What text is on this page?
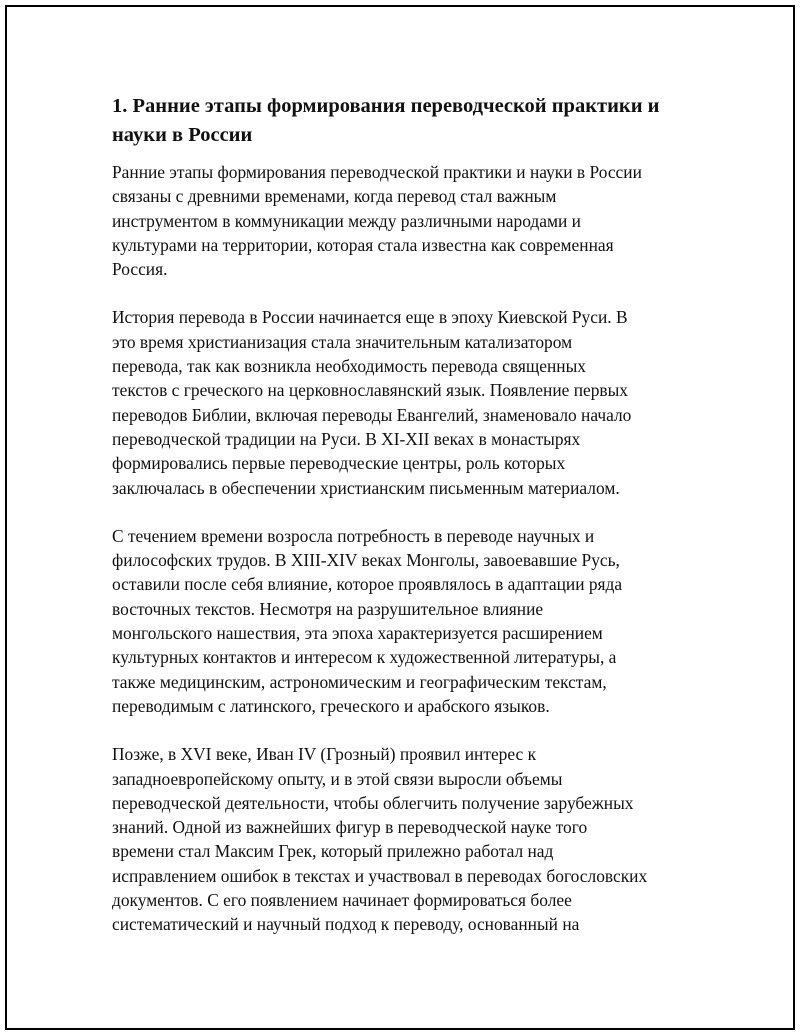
1. Ранние этапы формирования переводческой практики и
науки в России

Ранние этапы формирования переводческой практики и науки в России
связаны с древними временами, когда перевод стал важным
инструментом в коммуникации между различными народами и
культурами на территории, которая стала известна как современная
Россия.

История перевода в России начинается еще в эпоху Киевской Руси. В
это время христианизация стала значительным катализатором
перевода, так как возникла необходимость перевода священных
текстов с греческого на церковнославянский язык. Появление первых
переводов Библии, включая переводы Евангелий, знаменовало начало
переводческой традиции на Руси. В XI-XII веках в монастырях
формировались первые переводческие центры, роль которых
заключалась в обеспечении христианским письменным материалом.

С течением времени возросла потребность в переводе научных и
философских трудов. В XIII-XIV веках Монголы, завоевавшие Русь,
оставили после себя влияние, которое проявлялось в адаптации ряда
восточных текстов. Несмотря на разрушительное влияние
монгольского нашествия, эта эпоха характеризуется расширением
культурных контактов и интересом к художественной литературы, а
также медицинским, астрономическим и географическим текстам,
переводимым с латинского, греческого и арабского языков.

Позже, в XVI веке, Иван IV (Грозный) проявил интерес к
западноевропейскому опыту, и в этой связи выросли объемы
переводческой деятельности, чтобы облегчить получение зарубежных
знаний. Одной из важнейших фигур в переводческой науке того
времени стал Максим Грек, который прилежно работал над
исправлением ошибок в текстах и участвовал в переводах богословских
документов. С его появлением начинает формироваться более
систематический и научный подход к переводу, основанный на
